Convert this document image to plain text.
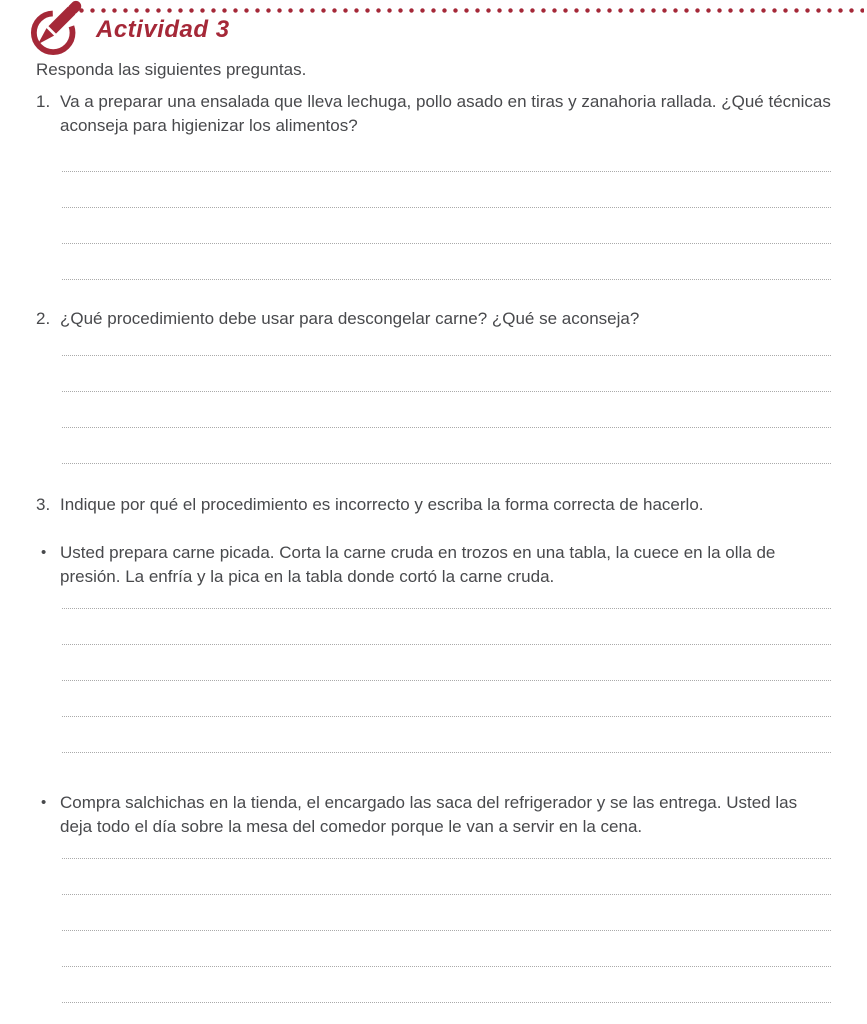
Actividad 3

Responda las siguientes preguntas.

1. Va a preparar una ensalada que lleva lechuga, pollo asado en tiras y zanahoria rallada. ¿Qué técnicas aconseja para higienizar los alimentos?

2. ¿Qué procedimiento debe usar para descongelar carne? ¿Qué se aconseja?

3. Indique por qué el procedimiento es incorrecto y escriba la forma correcta de hacerlo.

• Usted prepara carne picada. Corta la carne cruda en trozos en una tabla, la cuece en la olla de presión. La enfría y la pica en la tabla donde cortó la carne cruda.

• Compra salchichas en la tienda, el encargado las saca del refrigerador y se las entrega. Usted las deja todo el día sobre la mesa del comedor porque le van a servir en la cena.
